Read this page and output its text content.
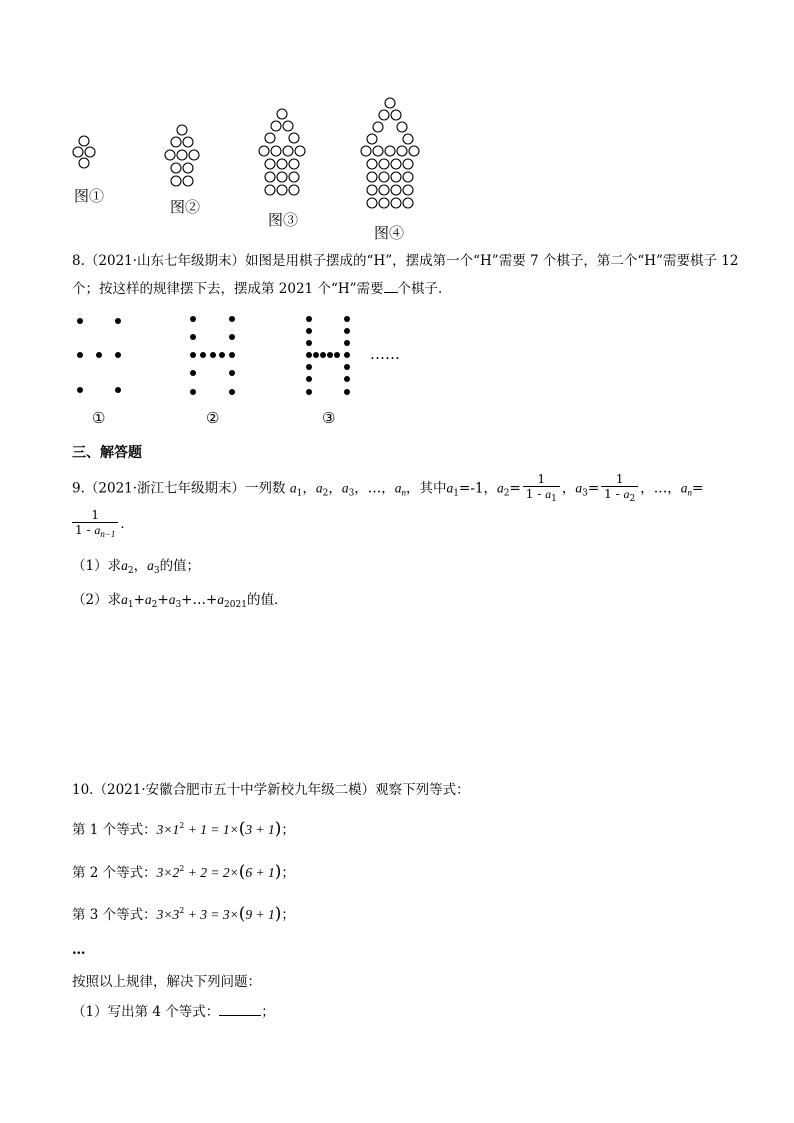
图①
图②
图③
图④
8.（2021·山东七年级期末）如图是用棋子摆成的“H”，摆成第一个“H”需要 7 个棋子，第二个“H”需要棋子 12
个；按这样的规律摆下去，摆成第 2021 个“H”需要 个棋子．
……
①	②	③
三、解答题
9.（2021·浙江七年级期末）一列数 $a_1$，$a_2$，$a_3$，…，$a_n$，其中$a_1=-1$，$a_2= \frac{1}{1 - a_1}$ ，$a_3= \frac{1}{1 - a_2}$ ，…，$a_n=$
$\frac{1}{1 - a_{n-1}}$ ．
（1）求$a_2$，$a_3$的值；
（2）求$a_1+a_2+a_3+\dots+a_{2021}$的值．
10.（2021·安徽合肥市五十中学新校九年级二模）观察下列等式：
第 1 个等式：$3\times 1^2 + 1 = 1\times(3 + 1)$；
第 2 个等式：$3\times 2^2 + 2 = 2\times(6 + 1)$；
第 3 个等式：$3\times 3^2 + 3 = 3\times(9 + 1)$；
…
按照以上规律，解决下列问题：
（1）写出第 4 个等式：	；
